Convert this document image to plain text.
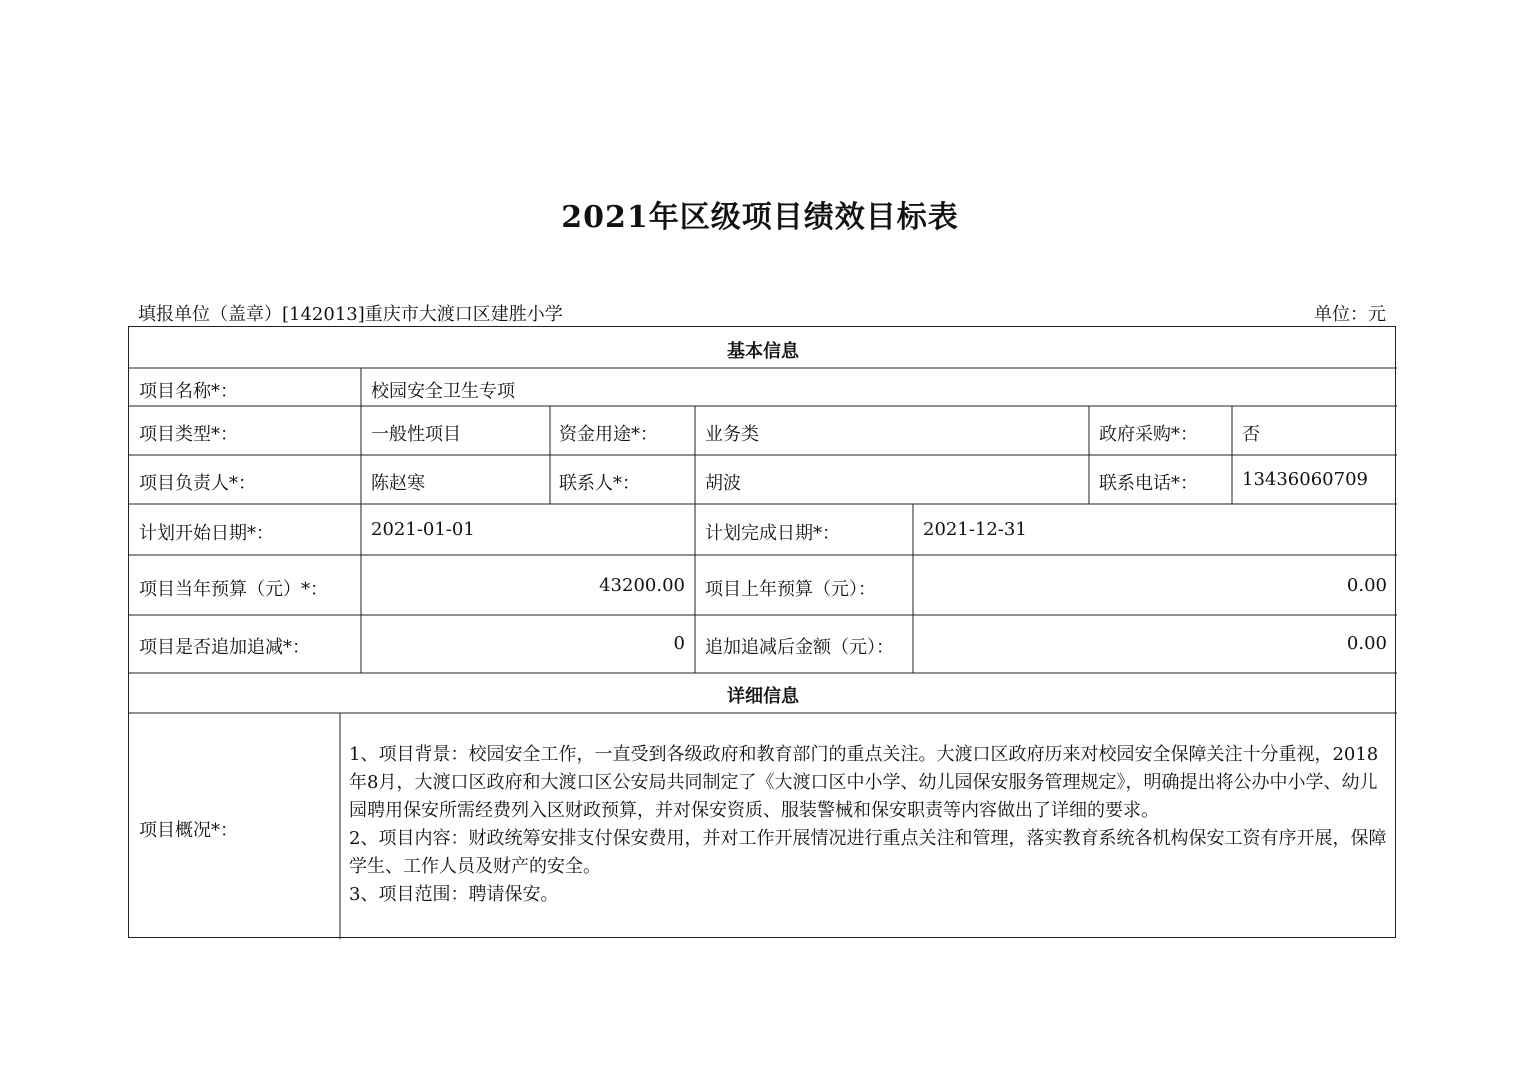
2021年区级项目绩效目标表
填报单位（盖章）[142013]重庆市大渡口区建胜小学	单位：元
基本信息
项目名称*：	校园安全卫生专项
项目类型*：	一般性项目	资金用途*：	业务类	政府采购*： 否
项目负责人*：	陈赵寒	联系人*：	胡波	联系电话*： 13436060709
计划开始日期*：	2021-01-01	计划完成日期*：	2021-12-31
项目当年预算（元）*：	43200.00 项目上年预算（元）：	0.00
项目是否追加追减*：	0 追加追减后金额（元）：	0.00
详细信息
项目概况*：

1、项目背景：校园安全工作，一直受到各级政府和教育部门的重点关注。大渡口区政府历来对校园安全保障关注十分重视，2018年8月，大渡口区政府和大渡口区公安局共同制定了《大渡口区中小学、幼儿园保安服务管理规定》，明确提出将公办中小学、幼儿园聘用保安所需经费列入区财政预算，并对保安资质、服装警械和保安职责等内容做出了详细的要求。

2、项目内容：财政统筹安排支付保安费用，并对工作开展情况进行重点关注和管理，落实教育系统各机构保安工资有序开展，保障学生、工作人员及财产的安全。

3、项目范围：聘请保安。
